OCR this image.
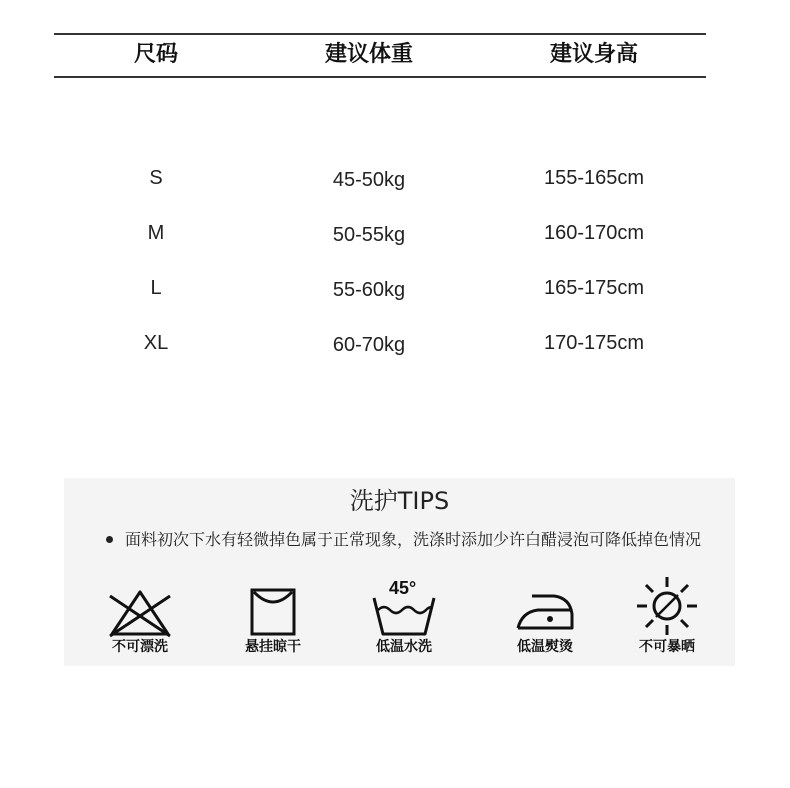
尺码	建议体重	建议身高
S	45-50kg	155-165cm
M	50-55kg	160-170cm
L	55-60kg	165-175cm
XL	60-70kg	170-175cm
洗护TIPS
面料初次下水有轻微掉色属于正常现象，洗涤时添加少许白醋浸泡可降低掉色情况
不可漂洗	悬挂晾干
45°
低温水洗	低温熨烫	不可暴晒
